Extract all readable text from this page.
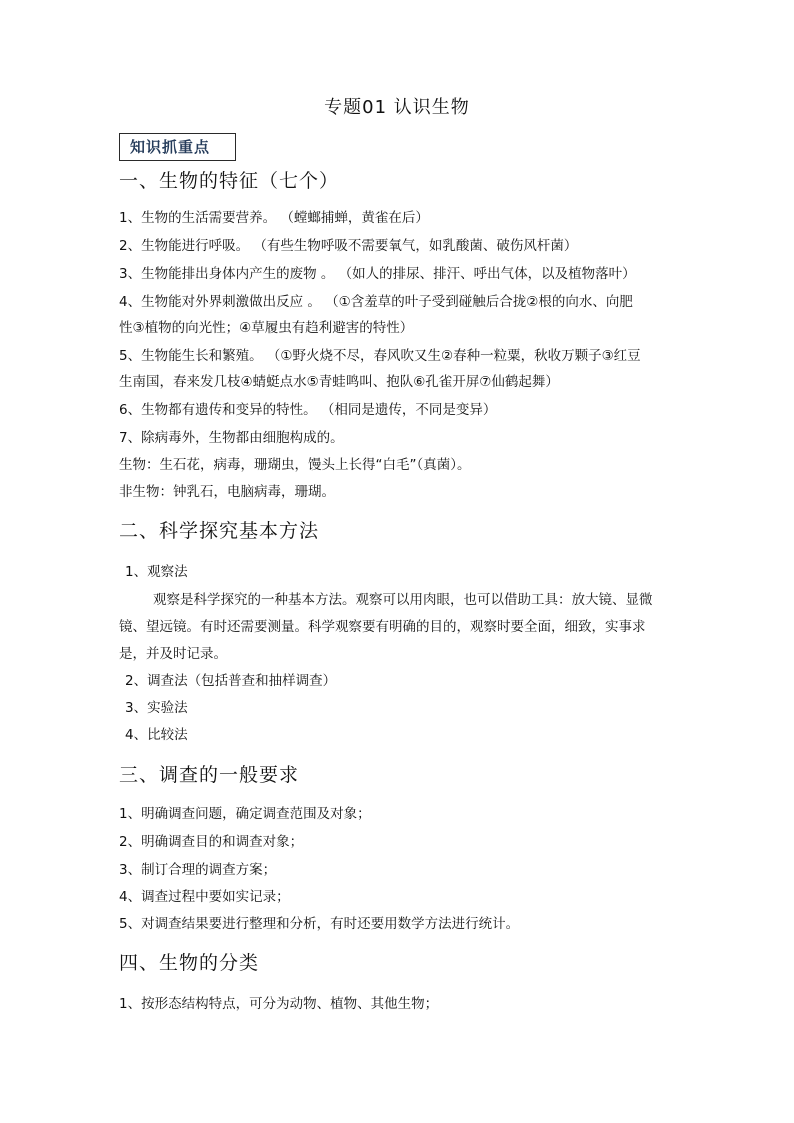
专题01 认识生物
知识抓重点
一、生物的特征（七个）
1、生物的生活需要营养。 （螳螂捕蝉，黄雀在后）
2、生物能进行呼吸。 （有些生物呼吸不需要氧气，如乳酸菌、破伤风杆菌）
3、生物能排出身体内产生的废物 。 （如人的排尿、排汗、呼出气体，以及植物落叶）
4、生物能对外界刺激做出反应 。 （①含羞草的叶子受到碰触后合拢②根的向水、向肥
性③植物的向光性；④草履虫有趋利避害的特性）
5、生物能生长和繁殖。 （①野火烧不尽，春风吹又生②春种一粒粟，秋收万颗子③红豆
生南国，春来发几枝④蜻蜓点水⑤青蛙鸣叫、抱队⑥孔雀开屏⑦仙鹤起舞）
6、生物都有遗传和变异的特性。 （相同是遗传，不同是变异）
7、除病毒外，生物都由细胞构成的。
生物：生石花，病毒，珊瑚虫，馒头上长得“白毛”（真菌）。
非生物：钟乳石，电脑病毒，珊瑚。
二、科学探究基本方法
1、观察法
观察是科学探究的一种基本方法。观察可以用肉眼，也可以借助工具：放大镜、显微
镜、望远镜。有时还需要测量。科学观察要有明确的目的，观察时要全面，细致，实事求
是，并及时记录。
2、调查法（包括普查和抽样调查）
3、实验法
4、比较法
三、调查的一般要求
1、明确调查问题，确定调查范围及对象；
2、明确调查目的和调查对象；
3、制订合理的调查方案；
4、调查过程中要如实记录；
5、对调查结果要进行整理和分析，有时还要用数学方法进行统计。
四、生物的分类
1、按形态结构特点，可分为动物、植物、其他生物；
